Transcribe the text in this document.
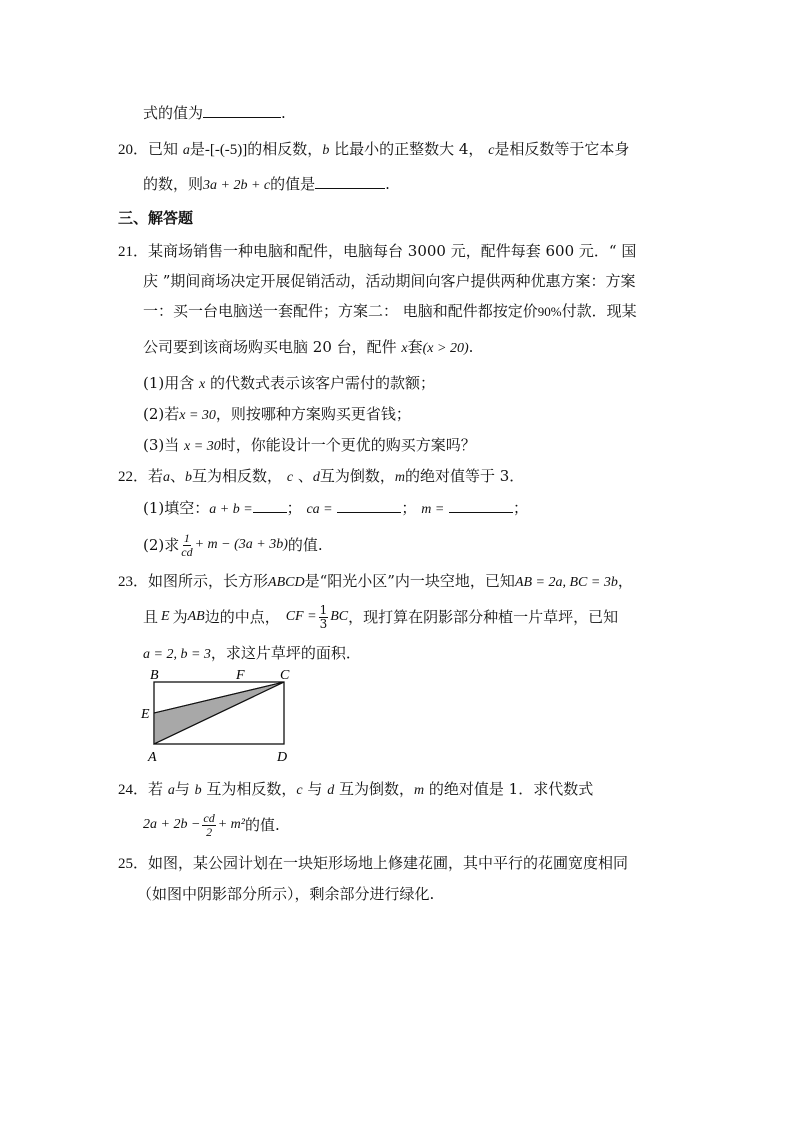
式的值为	.
20．已知 a是-[-(-5)]的相反数，b 比最小的正整数大 4， c是相反数等于它本身
的数，则3a + 2b + c的值是	.
三、解答题
21．某商场销售一种电脑和配件，电脑每台 3000 元，配件每套 600 元．“ 国
庆 ”期间商场决定开展促销活动，活动期间向客户提供两种优惠方案：方案
一：买一台电脑送一套配件；方案二： 电脑和配件都按定价90%付款．现某
公司要到该商场购买电脑 20 台，配件 x套(x > 20).
(1)用含 x 的代数式表示该客户需付的款额；
(2)若x = 30，则按哪种方案购买更省钱；
(3)当 x = 30时，你能设计一个更优的购买方案吗？
22．若a、b互为相反数， c 、d互为倒数，m的绝对值等于 3．
(1)填空：a + b = ； ca =	； m =	；
(2)求 $\frac{1}{cd} + m - (3a + 3b)$ 的值.
23．如图所示，长方形ABCD是“阳光小区”内一块空地，已知AB = 2a, BC = 3b，
且 E 为 AB 边的中点， CF = $\frac{1}{3}$ BC ，现打算在阴影部分种植一片草坪，已知
a = 2, b = 3，求这片草坪的面积．
B	F	C
E
A	D
24．若 a与 b 互为相反数，c 与 d 互为倒数，m 的绝对值是 1．求代数式
$2a + 2b - \frac{cd}{2} + m^2$ 的值.
25．如图，某公园计划在一块矩形场地上修建花圃，其中平行的花圃宽度相同
（如图中阴影部分所示），剩余部分进行绿化.
